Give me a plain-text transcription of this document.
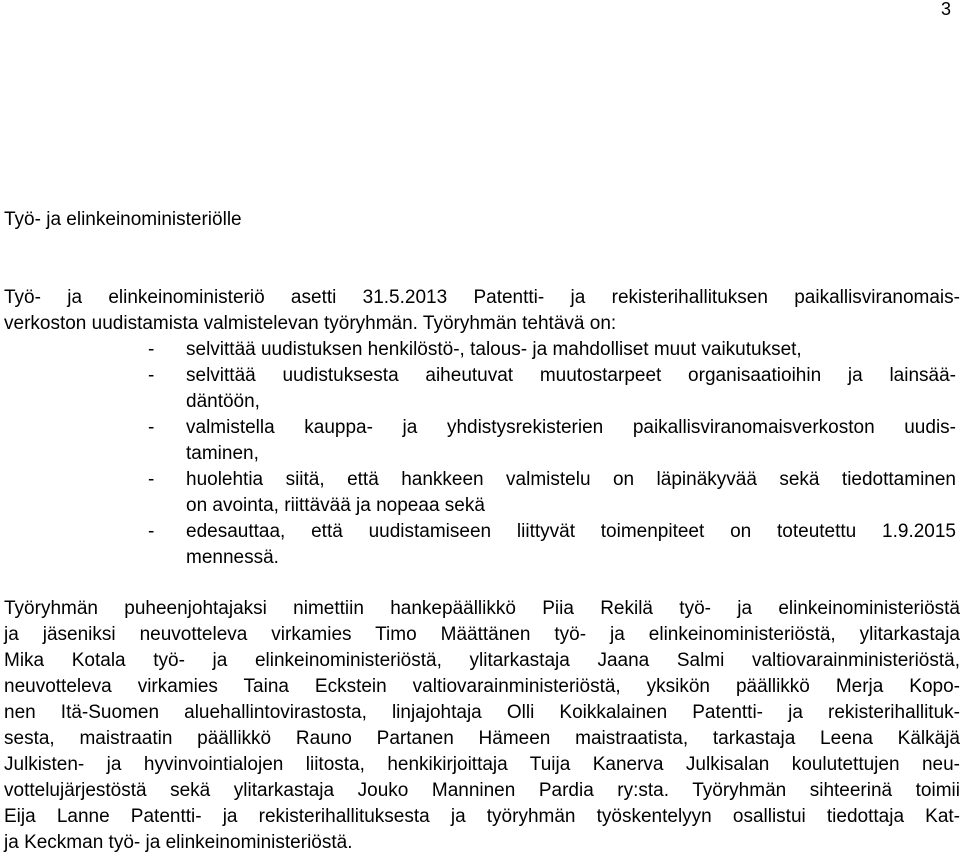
3
Työ- ja elinkeinoministeriölle
Työ- ja elinkeinoministeriö asetti 31.5.2013 Patentti- ja rekisterihallituksen paikallisviranomais-
verkoston uudistamista valmistelevan työryhmän. Työryhmän tehtävä on:
- selvittää uudistuksen henkilöstö-, talous- ja mahdolliset muut vaikutukset,
- selvittää uudistuksesta aiheutuvat muutostarpeet organisaatioihin ja lainsää-
däntöön,
- valmistella kauppa- ja yhdistysrekisterien paikallisviranomaisverkoston uudis-
taminen,
- huolehtia siitä, että hankkeen valmistelu on läpinäkyvää sekä tiedottaminen
on avointa, riittävää ja nopeaa sekä
- edesauttaa, että uudistamiseen liittyvät toimenpiteet on toteutettu 1.9.2015
mennessä.
Työryhmän puheenjohtajaksi nimettiin hankepäällikkö Piia Rekilä työ- ja elinkeinoministeriöstä
ja jäseniksi neuvotteleva virkamies Timo Määttänen työ- ja elinkeinoministeriöstä, ylitarkastaja
Mika Kotala työ- ja elinkeinoministeriöstä, ylitarkastaja Jaana Salmi valtiovarainministeriöstä,
neuvotteleva virkamies Taina Eckstein valtiovarainministeriöstä, yksikön päällikkö Merja Kopo-
nen Itä-Suomen aluehallintovirastosta, linjajohtaja Olli Koikkalainen Patentti- ja rekisterihallituk-
sesta, maistraatin päällikkö Rauno Partanen Hämeen maistraatista, tarkastaja Leena Kälkäjä
Julkisten- ja hyvinvointialojen liitosta, henkikirjoittaja Tuija Kanerva Julkisalan koulutettujen neu-
vottelujärjestöstä sekä ylitarkastaja Jouko Manninen Pardia ry:sta. Työryhmän sihteerinä toimii
Eija Lanne Patentti- ja rekisterihallituksesta ja työryhmän työskentelyyn osallistui tiedottaja Kat-
ja Keckman työ- ja elinkeinoministeriöstä.
